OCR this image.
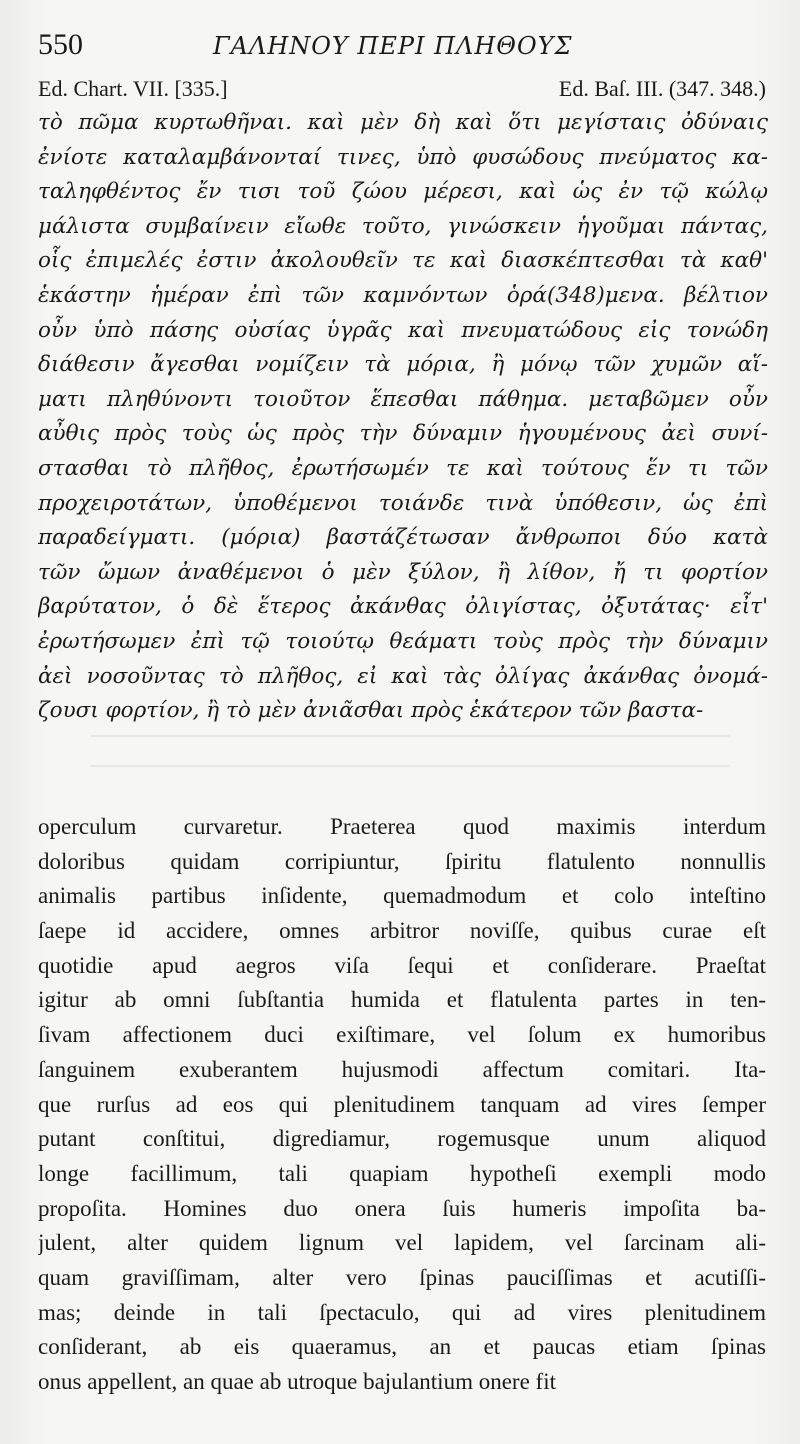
550	ΓΑΛΗΝΟΥ ΠΕΡΙ ΠΛΗΘΟΥΣ
Ed. Chart. VII. [335.]	Ed. Baſ. III. (347. 348.)
τὸ πῶμα κυρτωθῆναι. καὶ μὲν δὴ καὶ ὅτι μεγίσταις ὀδύναις
ἐνίοτε καταλαμβάνονταί τινες, ὑπὸ φυσώδους πνεύματος κα-
ταληφθέντος ἔν τισι τοῦ ζώου μέρεσι, καὶ ὡς ἐν τῷ κώλῳ
μάλιστα συμβαίνειν εἴωθε τοῦτο, γινώσκειν ἡγοῦμαι πάντας,
οἷς ἐπιμελές ἐστιν ἀκολουθεῖν τε καὶ διασκέπτεσθαι τὰ καθ'
ἑκάστην ἡμέραν ἐπὶ τῶν καμνόντων ὁρά(348)μενα. βέλτιον
οὖν ὑπὸ πάσης οὐσίας ὑγρᾶς καὶ πνευματώδους εἰς τονώδη
διάθεσιν ἄγεσθαι νομίζειν τὰ μόρια, ἢ μόνῳ τῶν χυμῶν αἵ-
ματι πληθύνοντι τοιοῦτον ἕπεσθαι πάθημα. μεταβῶμεν οὖν
αὖθις πρὸς τοὺς ὡς πρὸς τὴν δύναμιν ἡγουμένους ἀεὶ συνί-
στασθαι τὸ πλῆθος, ἐρωτήσωμέν τε καὶ τούτους ἕν τι τῶν
προχειροτάτων, ὑποθέμενοι τοιάνδε τινὰ ὑπόθεσιν, ὡς ἐπὶ
παραδείγματι. (μόρια) βαστάζέτωσαν ἄνθρωποι δύο κατὰ
τῶν ὤμων ἀναθέμενοι ὁ μὲν ξύλον, ἢ λίθον, ἤ τι φορτίον
βαρύτατον, ὁ δὲ ἕτερος ἀκάνθας ὀλιγίστας, ὀξυτάτας· εἶτ'
ἐρωτήσωμεν ἐπὶ τῷ τοιούτῳ θεάματι τοὺς πρὸς τὴν δύναμιν
ἀεὶ νοσοῦντας τὸ πλῆθος, εἰ καὶ τὰς ὀλίγας ἀκάνθας ὀνομά-
ζουσι φορτίον, ἢ τὸ μὲν ἀνιᾶσθαι πρὸς ἑκάτερον τῶν βαστα-
operculum curvaretur. Praeterea quod maximis interdum
doloribus quidam corripiuntur, ſpiritu flatulento nonnullis
animalis partibus inſidente, quemadmodum et colo inteſtino
ſaepe id accidere, omnes arbitror noviſſe, quibus curae eſt
quotidie apud aegros viſa ſequi et conſiderare. Praeſtat
igitur ab omni ſubſtantia humida et flatulenta partes in ten-
ſivam affectionem duci exiſtimare, vel ſolum ex humoribus
ſanguinem exuberantem hujusmodi affectum comitari. Ita-
que rurſus ad eos qui plenitudinem tanquam ad vires ſemper
putant conſtitui, digrediamur, rogemusque unum aliquod
longe facillimum, tali quapiam hypotheſi exempli modo
propoſita. Homines duo onera ſuis humeris impoſita ba-
julent, alter quidem lignum vel lapidem, vel ſarcinam ali-
quam graviſſimam, alter vero ſpinas pauciſſimas et acutiſſi-
mas; deinde in tali ſpectaculo, qui ad vires plenitudinem
conſiderant, ab eis quaeramus, an et paucas etiam ſpinas
onus appellent, an quae ab utroque bajulantium onere fit
